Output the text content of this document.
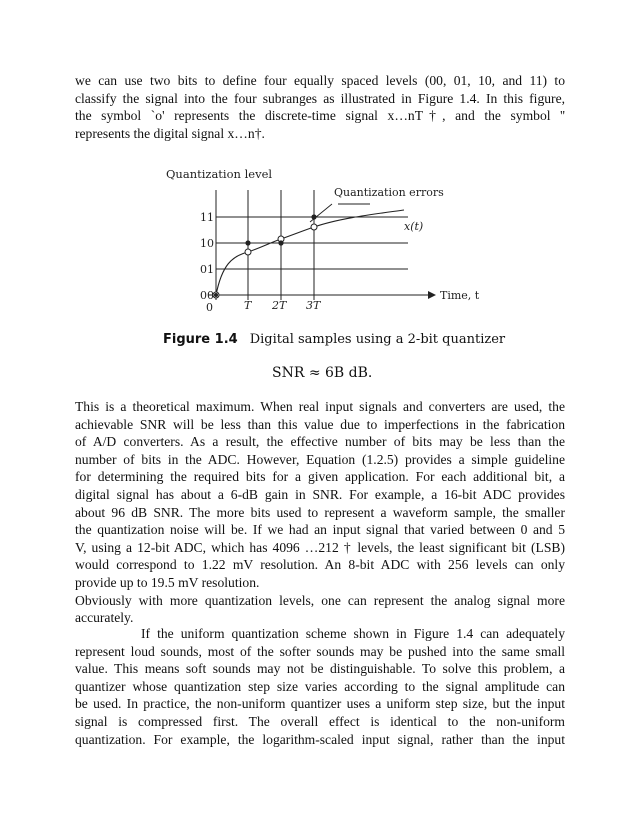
we can use two bits to define four equally spaced levels (00, 01, 10, and 11) to
classify the signal into the four subranges as illustrated in Figure 1.4. In this figure,
the symbol `o' represents the discrete-time signal x…nT†, and the symbol ''
represents the digital signal x…n†.
Quantization level
Quantization errors
x(t)
11
10
01
00
0	T 2T 3T
Time, t
Figure 1.4 Digital samples using a 2-bit quantizer
SNR ≈ 6B dB.
This is a theoretical maximum. When real input signals and converters are used, the
achievable SNR will be less than this value due to imperfections in the fabrication
of A/D converters. As a result, the effective number of bits may be less than the
number of bits in the ADC. However, Equation (1.2.5) provides a simple guideline
for determining the required bits for a given application. For each additional bit, a
digital signal has about a 6-dB gain in SNR. For example, a 16-bit ADC provides
about 96 dB SNR. The more bits used to represent a waveform sample, the smaller
the quantization noise will be. If we had an input signal that varied between 0 and 5
V, using a 12-bit ADC, which has 4096 …212 † levels, the least significant bit (LSB)
would correspond to 1.22 mV resolution. An 8-bit ADC with 256 levels can only
provide up to 19.5 mV resolution.
Obviously with more quantization levels, one can represent the analog signal more
accurately.
If the uniform quantization scheme shown in Figure 1.4 can adequately
represent loud sounds, most of the softer sounds may be pushed into the same small
value. This means soft sounds may not be distinguishable. To solve this problem, a
quantizer whose quantization step size varies according to the signal amplitude can
be used. In practice, the non-uniform quantizer uses a uniform step size, but the input
signal is compressed first. The overall effect is identical to the non-uniform
quantization. For example, the logarithm-scaled input signal, rather than the input
